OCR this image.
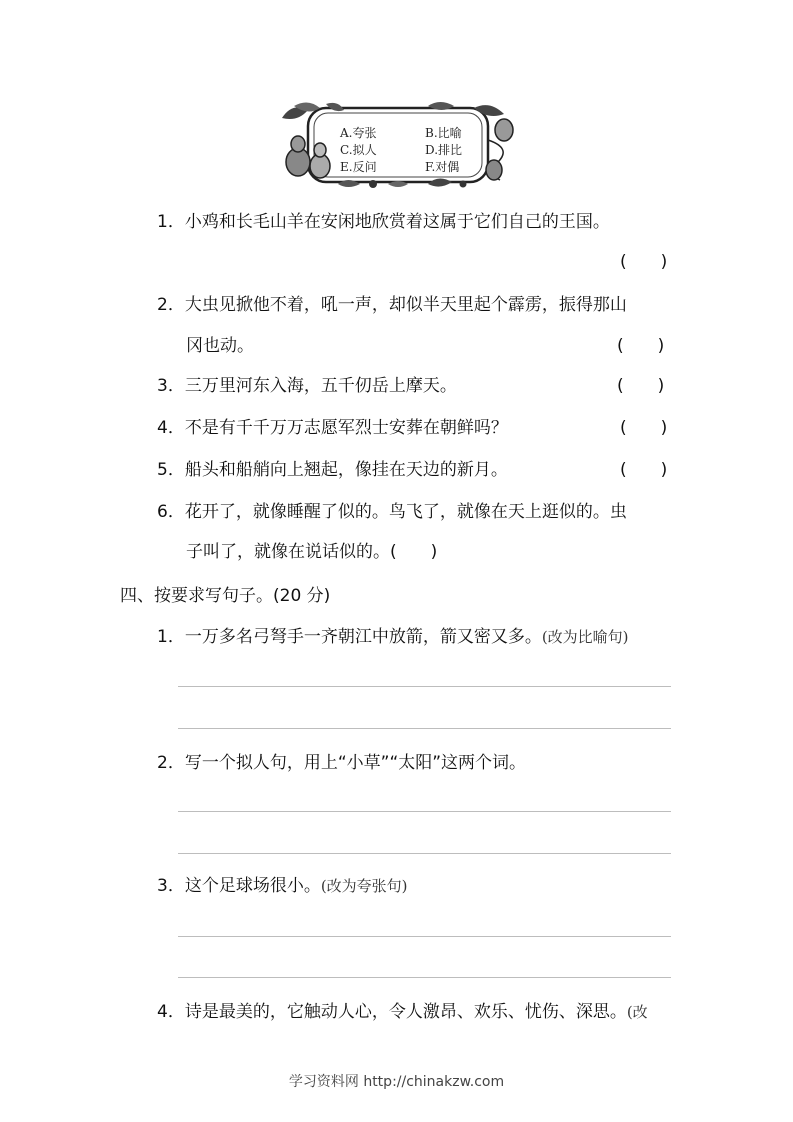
A.夸张	B.比喻
C.拟人	D.排比
E.反问	F.对偶
1．小鸡和长毛山羊在安闲地欣赏着这属于它们自己的王国。
(　　)
2．大虫见掀他不着，吼一声，却似半天里起个霹雳，振得那山
冈也动。	(　　)
3．三万里河东入海，五千仞岳上摩天。	(　　)
4．不是有千千万万志愿军烈士安葬在朝鲜吗？	(　　)
5．船头和船艄向上翘起，像挂在天边的新月。	(　　)
6．花开了，就像睡醒了似的。鸟飞了，就像在天上逛似的。虫
子叫了，就像在说话似的。(　　)
四、按要求写句子。(20 分)
1．一万多名弓弩手一齐朝江中放箭，箭又密又多。(改为比喻句)
2．写一个拟人句，用上“小草”“太阳”这两个词。
3．这个足球场很小。(改为夸张句)
4．诗是最美的，它触动人心，令人激昂、欢乐、忧伤、深思。(改
学习资料网 http://chinakzw.com
